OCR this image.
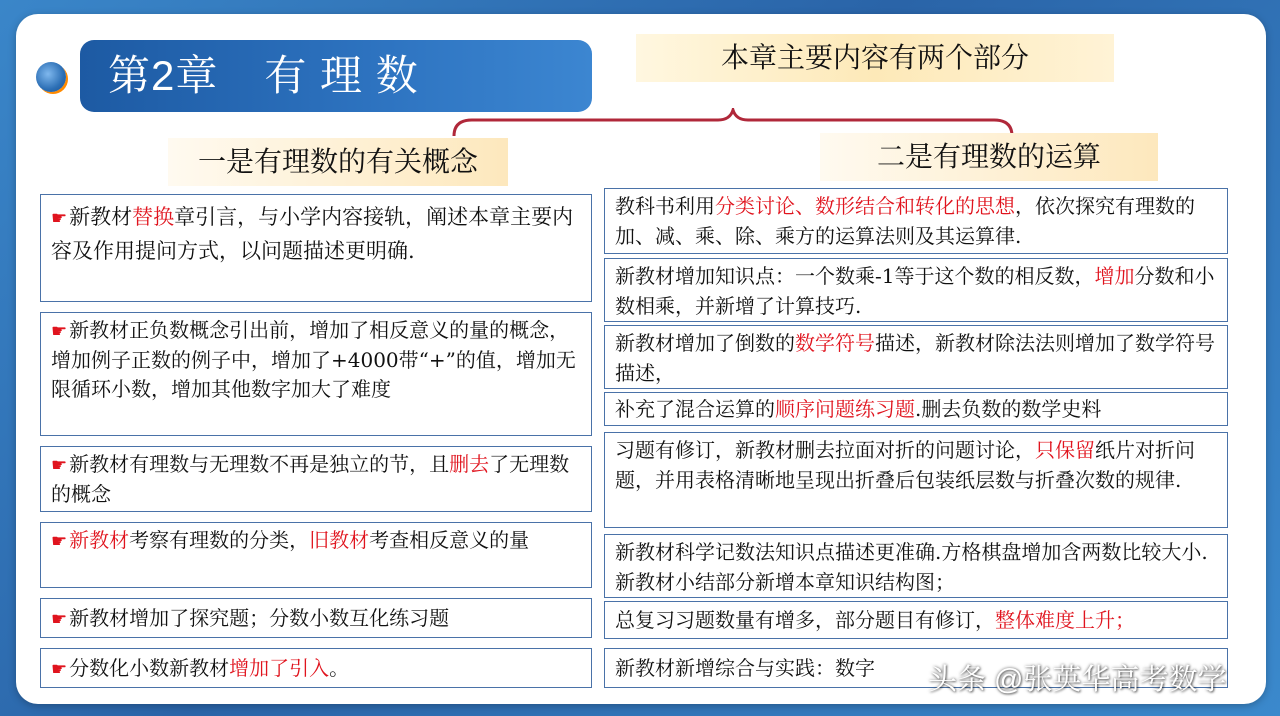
第2章 有 理 数	本章主要内容有两个部分
一是有理数的有关概念	二是有理数的运算
☛新教材替换章引言，与小学内容接轨，阐述本章主要内容及作用提问方式，以问题描述更明确.
☛ 新教材正负数概念引出前，增加了相反意义的量的概念，增加例子正数的例子中，增加了+4000带“+”的值，增加无限循环小数，增加其他数字加大了难度
☛ 新教材有理数与无理数不再是独立的节，且删去了无理数的概念
☛ 新教材考察有理数的分类，旧教材考查相反意义的量
☛ 新教材增加了探究题；分数小数互化练习题
☛ 分数化小数新教材增加了引入。
教科书利用分类讨论、数形结合和转化的思想，依次探究有理数的加、减、乘、除、乘方的运算法则及其运算律.
新教材增加知识点：一个数乘-1等于这个数的相反数，增加分数和小数相乘，并新增了计算技巧.
新教材增加了倒数的数学符号描述，新教材除法法则增加了数学符号描述，
补充了混合运算的顺序问题练习题.删去负数的数学史料
习题有修订，新教材删去拉面对折的问题讨论，只保留纸片对折问题，并用表格清晰地呈现出折叠后包装纸层数与折叠次数的规律.
新教材科学记数法知识点描述更准确.方格棋盘增加含两数比较大小.新教材小结部分新增本章知识结构图；
总复习习题数量有增多，部分题目有修订，整体难度上升；
新教材新增综合与实践：数字	头条 @张英华高考数学
